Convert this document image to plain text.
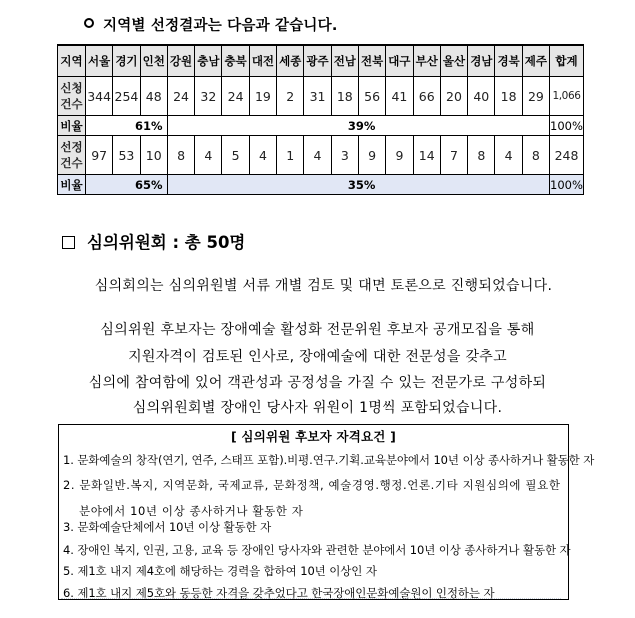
지역별 선정결과는 다음과 같습니다.
지역	서울	경기	인천	강원	충남	충북	대전	세종	광주	전남	전북	대구	부산	울산	경남	경북	제주	합계
신청
건수	344	254	48	24	32	24	19	2	31	18	56	41	66	20	40	18	29	1,066
비율	61%			39%														100%
선정
건수	97	53	10	8	4	5	4	1	4	3	9	9	14	7	8	4	8	248
비율	65%			35%														100%
심의위원회 : 총 50명
심의회의는 심의위원별 서류 개별 검토 및 대면 토론으로 진행되었습니다.
심의위원 후보자는 장애예술 활성화 전문위원 후보자 공개모집을 통해
지원자격이 검토된 인사로, 장애예술에 대한 전문성을 갖추고
심의에 참여함에 있어 객관성과 공정성을 가질 수 있는 전문가로 구성하되
심의위원회별 장애인 당사자 위원이 1명씩 포함되었습니다.
[ 심의위원 후보자 자격요건 ]
1. 문화예술의 창작(연기, 연주, 스태프 포함).비평.연구.기획.교육분야에서 10년 이상 종사하거나 활동한 자
2. 문화일반.복지, 지역문화, 국제교류, 문화정책, 예술경영.행정.언론.기타 지원심의에 필요한
분야에서 10년 이상 종사하거나 활동한 자
3. 문화예술단체에서 10년 이상 활동한 자
4. 장애인 복지, 인권, 고용, 교육 등 장애인 당사자와 관련한 분야에서 10년 이상 종사하거나 활동한 자
5. 제1호 내지 제4호에 해당하는 경력을 합하여 10년 이상인 자
6. 제1호 내지 제5호와 동등한 자격을 갖추었다고 한국장애인문화예술원이 인정하는 자
